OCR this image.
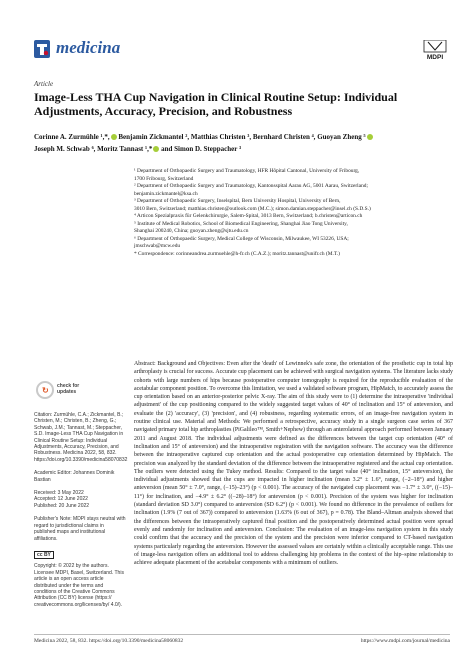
medicina
MDPI
Article
Image-Less THA Cup Navigation in Clinical Routine Setup: Individual Adjustments, Accuracy, Precision, and Robustness
Corinne A. Zurmühle ¹,*, Benjamin Zickmantel ², Matthias Christen ³, Bernhard Christen ⁴, Guoyan Zheng ⁵
Joseph M. Schwab ⁶, Moritz Tannast ¹,* and Simon D. Steppacher ³
¹ Department of Orthopaedic Surgery and Traumatology, HFR Hôpital Cantonal, University of Fribourg,
1700 Fribourg, Switzerland
² Department of Orthopaedic Surgery and Traumatology, Kantonsspital Aarau AG, 5001 Aarau, Switzerland;
benjamin.zickmantel@ksa.ch
³ Department of Orthopaedic Surgery, Inselspital, Bern University Hospital, University of Bern,
3010 Bern, Switzerland; matthias.christen@outlook.com (M.C.); simon.damian.steppacher@insel.ch (S.D.S.)
⁴ Articon Spezialpraxis für Gelenkchirurgie, Salem-Spital, 3013 Bern, Switzerland; b.christen@articon.ch
⁵ Institute of Medical Robotics, School of Biomedical Engineering, Shanghai Jiao Tong University,
Shanghai 200240, China; guoyan.zheng@sjtu.edu.cn
⁶ Department of Orthopaedic Surgery, Medical College of Wisconsin, Milwaukee, WI 53226, USA;
jmschwab@mcw.edu
* Correspondence: corinneandrea.zurmuehle@h-fr.ch (C.A.Z.); moritz.tannast@unifr.ch (M.T.)
↻ check for
updates
Citation: Zurmühle, C.A.; Zickmantel, B.; Christen, M.; Christen, B.; Zheng, G.; Schwab, J.M.; Tannast, M.; Steppacher, S.D. Image-Less THA Cup Navigation in Clinical Routine Setup: Individual Adjustments, Accuracy, Precision, and Robustness. Medicina 2022, 58, 832. https://doi.org/10.3390/medicina58070832
Academic Editor: Johannes Dominik Bastian
Received: 3 May 2022
Accepted: 12 June 2022
Published: 20 June 2022
Publisher's Note: MDPI stays neutral with regard to jurisdictional claims in published maps and institutional affiliations.
cc BY
Copyright: © 2022 by the authors. Licensee MDPI, Basel, Switzerland. This article is an open access article distributed under the terms and conditions of the Creative Commons Attribution (CC BY) license (https:// creativecommons.org/licenses/by/ 4.0/).

Abstract: Background and Objectives: Even after the 'death' of Lewinnek's safe zone, the orientation of the prosthetic cup in total hip arthroplasty is crucial for success. Accurate cup placement can be achieved with surgical navigation systems. The literature lacks study cohorts with large numbers of hips because postoperative computer tomography is required for the reproducible evaluation of the acetabular component position. To overcome this limitation, we used a validated software program, HipMatch, to accurately assess the cup orientation based on an anterior-posterior pelvic X-ray. The aim of this study were to (1) determine the intraoperative 'individual adjustment' of the cup positioning compared to the widely suggested target values of 40° of inclination and 15° of anteversion, and evaluate the (2) 'accuracy', (3) 'precision', and (4) robustness, regarding systematic errors, of an image-free navigation system in routine clinical use. Material and Methods: We performed a retrospective, accuracy study in a single surgeon case series of 367 navigated primary total hip arthroplasties (PiGalileo™, Smith+Nephew) through an anterolateral approach performed between January 2011 and August 2018. The individual adjustments were defined as the differences between the target cup orientation (40° of inclination and 15° of anteversion) and the intraoperative registration with the navigation software. The accuracy was the difference between the intraoperative captured cup orientation and the actual postoperative cup orientation determined by HipMatch. The precision was analyzed by the standard deviation of the difference between the intraoperative registered and the actual cup orientation. The outliers were detected using the Tukey method. Results: Compared to the target value (40° inclination, 15° anteversion), the individual adjustments showed that the cups are impacted in higher inclination (mean 3.2° ± 1.6°, range, (−2–18°) and higher anteversion (mean 50° ± 7.0°, range, (−15)–23°) (p < 0.001). The accuracy of the navigated cup placement was −1.7° ± 3.0°, ((−15)–11°) for inclination, and −4.9° ± 6.2° ((−28)–18°) for anteversion (p < 0.001). Precision of the system was higher for inclination (standard deviation SD 3.0°) compared to anteversion (SD 6.2°) (p < 0.001). We found no difference in the prevalence of outliers for inclination (1.9% (7 out of 367)) compared to anteversion (1.63% (6 out of 367), p = 0.78). The Bland–Altman analysis showed that the differences between the intraoperatively captured final position and the postoperatively determined actual position were spread evenly and randomly for inclination and anteversion. Conclusion: The evaluation of an image-less navigation system in this study could confirm that the accuracy and the precision of the system and the precision were inferior compared to CT-based navigation systems particularly regarding the anteversion. However the assessed values are certainly within a clinically acceptable range. This use of image-less navigation offers an additional tool to address challenging hip problems in the context of the hip–spine relationship to achieve adequate placement of the acetabular components with a minimum of outliers.

Medicina 2022, 58, 832. https://doi.org/10.3390/medicina58060832	https://www.mdpi.com/journal/medicina
